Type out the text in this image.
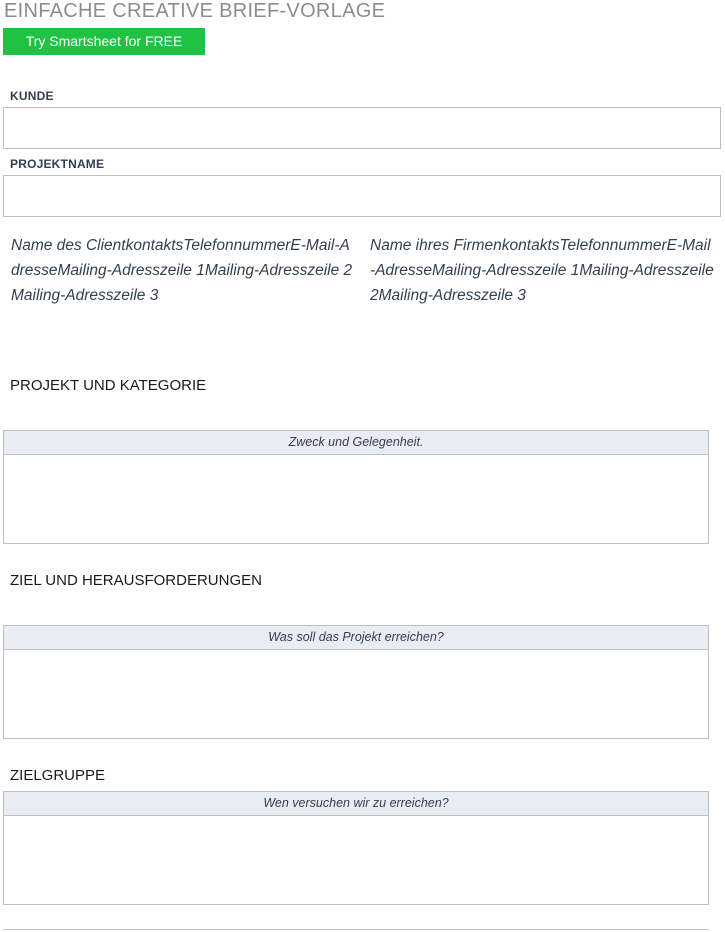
EINFACHE CREATIVE BRIEF-VORLAGE
Try Smartsheet for FREE
KUNDE
PROJEKTNAME
Name des ClientkontaktsTelefonnummerE-Mail-AdresseMailing-Adresszeile 1Mailing-Adresszeile 2Mailing-Adresszeile 3
Name ihres FirmenkontaktsTelefonnummerE-Mail-AdresseMailing-Adresszeile 1Mailing-Adresszeile 2Mailing-Adresszeile 3
PROJEKT UND KATEGORIE
Zweck und Gelegenheit.
ZIEL UND HERAUSFORDERUNGEN
Was soll das Projekt erreichen?
ZIELGRUPPE
Wen versuchen wir zu erreichen?
